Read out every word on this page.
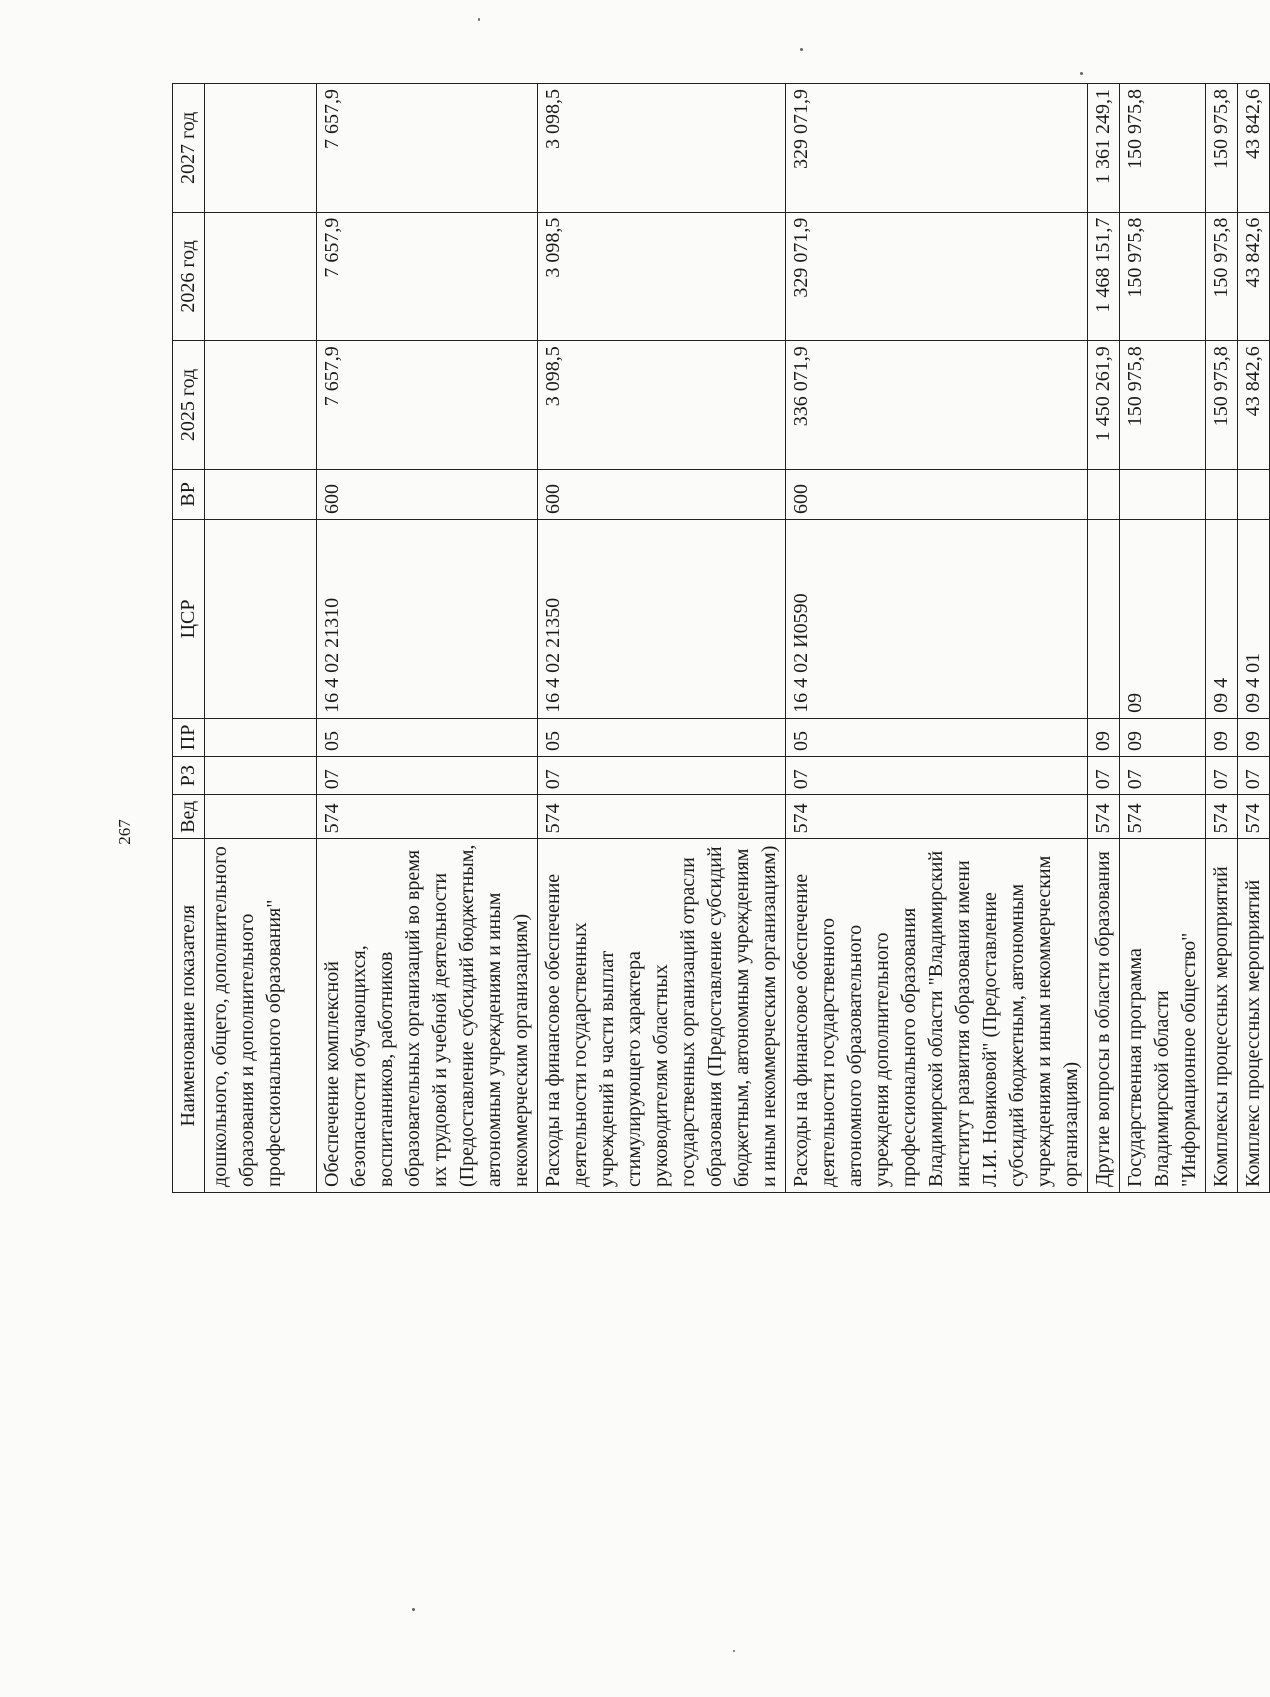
267
Наименование показателя	Вед	РЗ	ПР	ЦСР	ВР	2025 год	2026 год	2027 год
дошкольного, общего, дополнительного образования и дополнительного профессионального образования"								
Обеспечение комплексной безопасности обучающихся, воспитанников, работников образовательных организаций во время их трудовой и учебной деятельности (Предоставление субсидий бюджетным, автономным учреждениям и иным некоммерческим организациям)	574	07	05	16 4 02 21310	600	7 657,9	7 657,9	7 657,9
Расходы на финансовое обеспечение деятельности государственных учреждений в части выплат стимулирующего характера руководителям областных государственных организаций отрасли образования (Предоставление субсидий бюджетным, автономным учреждениям и иным некоммерческим организациям)	574	07	05	16 4 02 21350	600	3 098,5	3 098,5	3 098,5
Расходы на финансовое обеспечение деятельности государственного автономного образовательного учреждения дополнительного профессионального образования Владимирской области "Владимирский институт развития образования имени Л.И. Новиковой" (Предоставление субсидий бюджетным, автономным учреждениям и иным некоммерческим организациям)	574	07	05	16 4 02 И0590	600	336 071,9	329 071,9	329 071,9
Другие вопросы в области образования	574	07	09			1 450 261,9	1 468 151,7	1 361 249,1
Государственная программа Владимирской области "Информационное общество"	574	07	09	09		150 975,8	150 975,8	150 975,8
Комплексы процессных мероприятий	574	07	09	09 4		150 975,8	150 975,8	150 975,8
Комплекс процессных мероприятий	574	07	09	09 4 01		43 842,6	43 842,6	43 842,6
